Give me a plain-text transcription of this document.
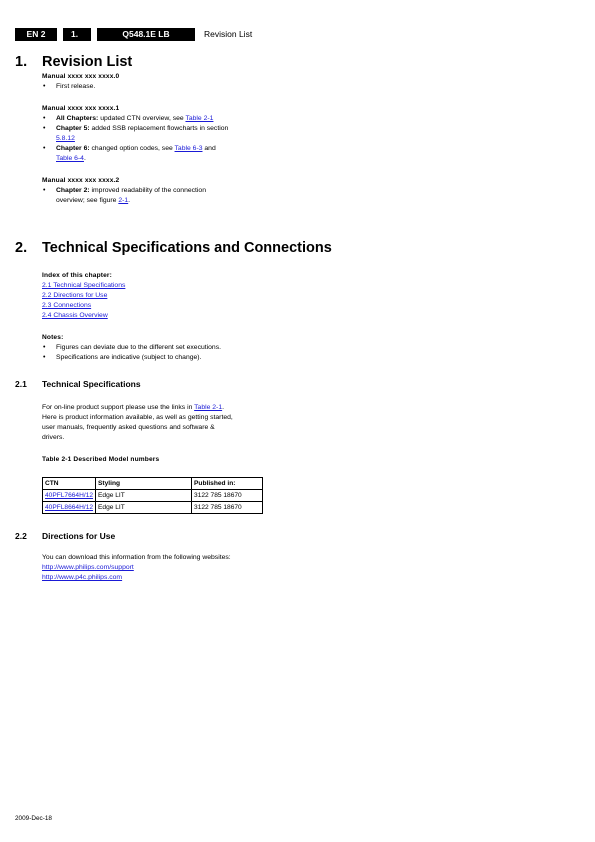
EN 2	1.	Q548.1E LB	Revision List
1. Revision List
Manual xxxx xxx xxxx.0
• First release.
Manual xxxx xxx xxxx.1
• All Chapters: updated CTN overview, see Table 2-1
• Chapter 5: added SSB replacement flowcharts in section
5.8.12
• Chapter 6: changed option codes, see Table 6-3 and
Table 6-4.
Manual xxxx xxx xxxx.2
• Chapter 2: improved readability of the connection
overview; see figure 2-1.
2. Technical Specifications and Connections
Index of this chapter:
2.1 Technical Specifications
2.2 Directions for Use
2.3 Connections
2.4 Chassis Overview
Notes:
• Figures can deviate due to the different set executions.
• Specifications are indicative (subject to change).
2.1 Technical Specifications
For on-line product support please use the links in Table 2-1.
Here is product information available, as well as getting started,
user manuals, frequently asked questions and software &
drivers.
Table 2-1 Described Model numbers
CTN	Styling	Published in:
40PFL7664H/12	Edge LIT	3122 785 18670
40PFL8664H/12	Edge LIT	3122 785 18670
2.2 Directions for Use
You can download this information from the following websites:
http://www.philips.com/support
http://www.p4c.philips.com
2009-Dec-18
